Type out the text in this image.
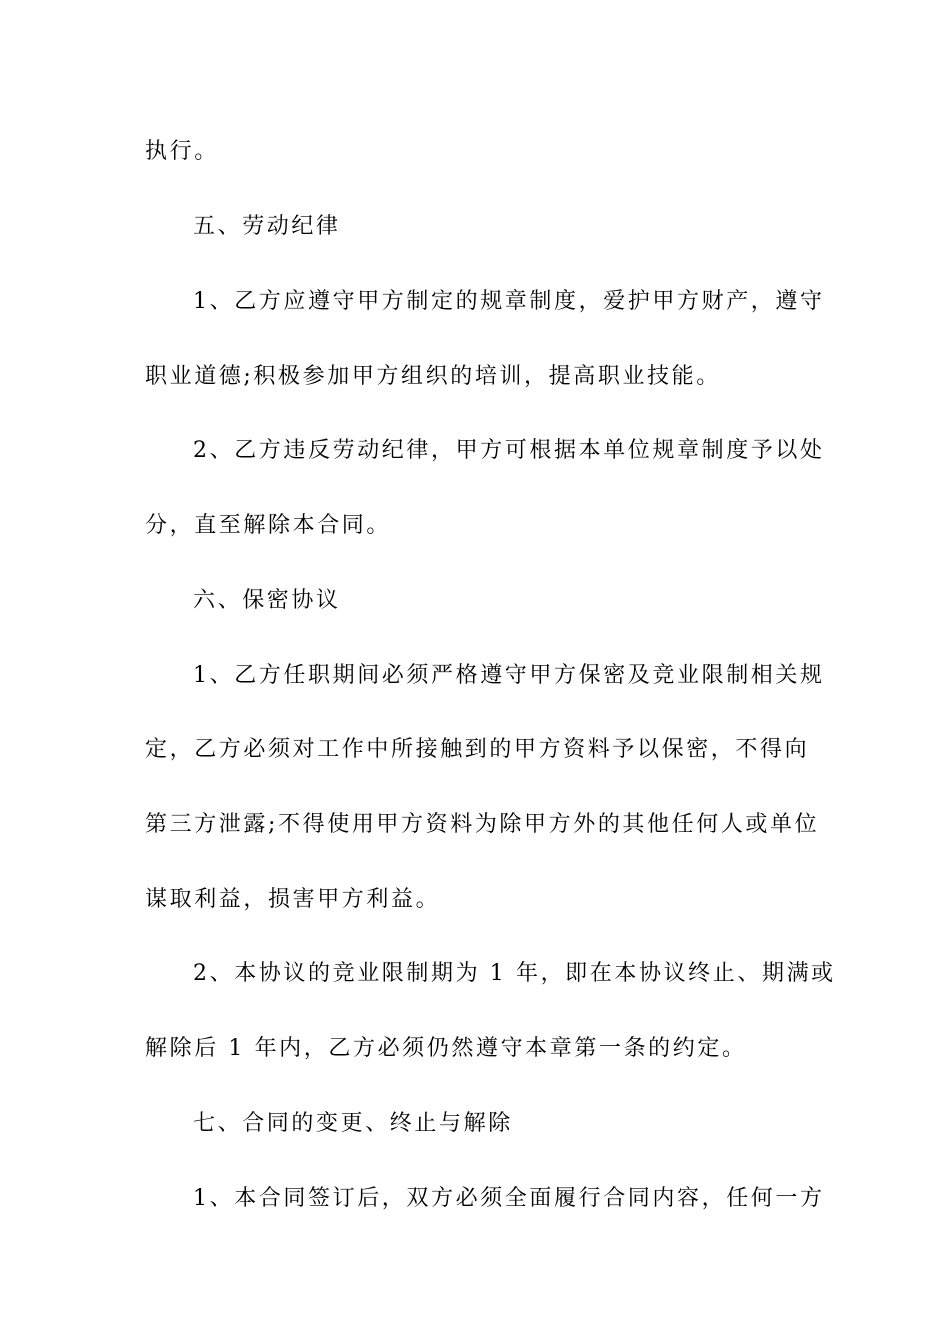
执行。
五、劳动纪律
1、乙方应遵守甲方制定的规章制度，爱护甲方财产，遵守
职业道德;积极参加甲方组织的培训，提高职业技能。
2、乙方违反劳动纪律，甲方可根据本单位规章制度予以处
分，直至解除本合同。
六、保密协议
1、乙方任职期间必须严格遵守甲方保密及竞业限制相关规
定，乙方必须对工作中所接触到的甲方资料予以保密，不得向
第三方泄露;不得使用甲方资料为除甲方外的其他任何人或单位
谋取利益，损害甲方利益。
2、本协议的竞业限制期为 1 年，即在本协议终止、期满或
解除后 1 年内，乙方必须仍然遵守本章第一条的约定。
七、合同的变更、终止与解除
1、本合同签订后，双方必须全面履行合同内容，任何一方
